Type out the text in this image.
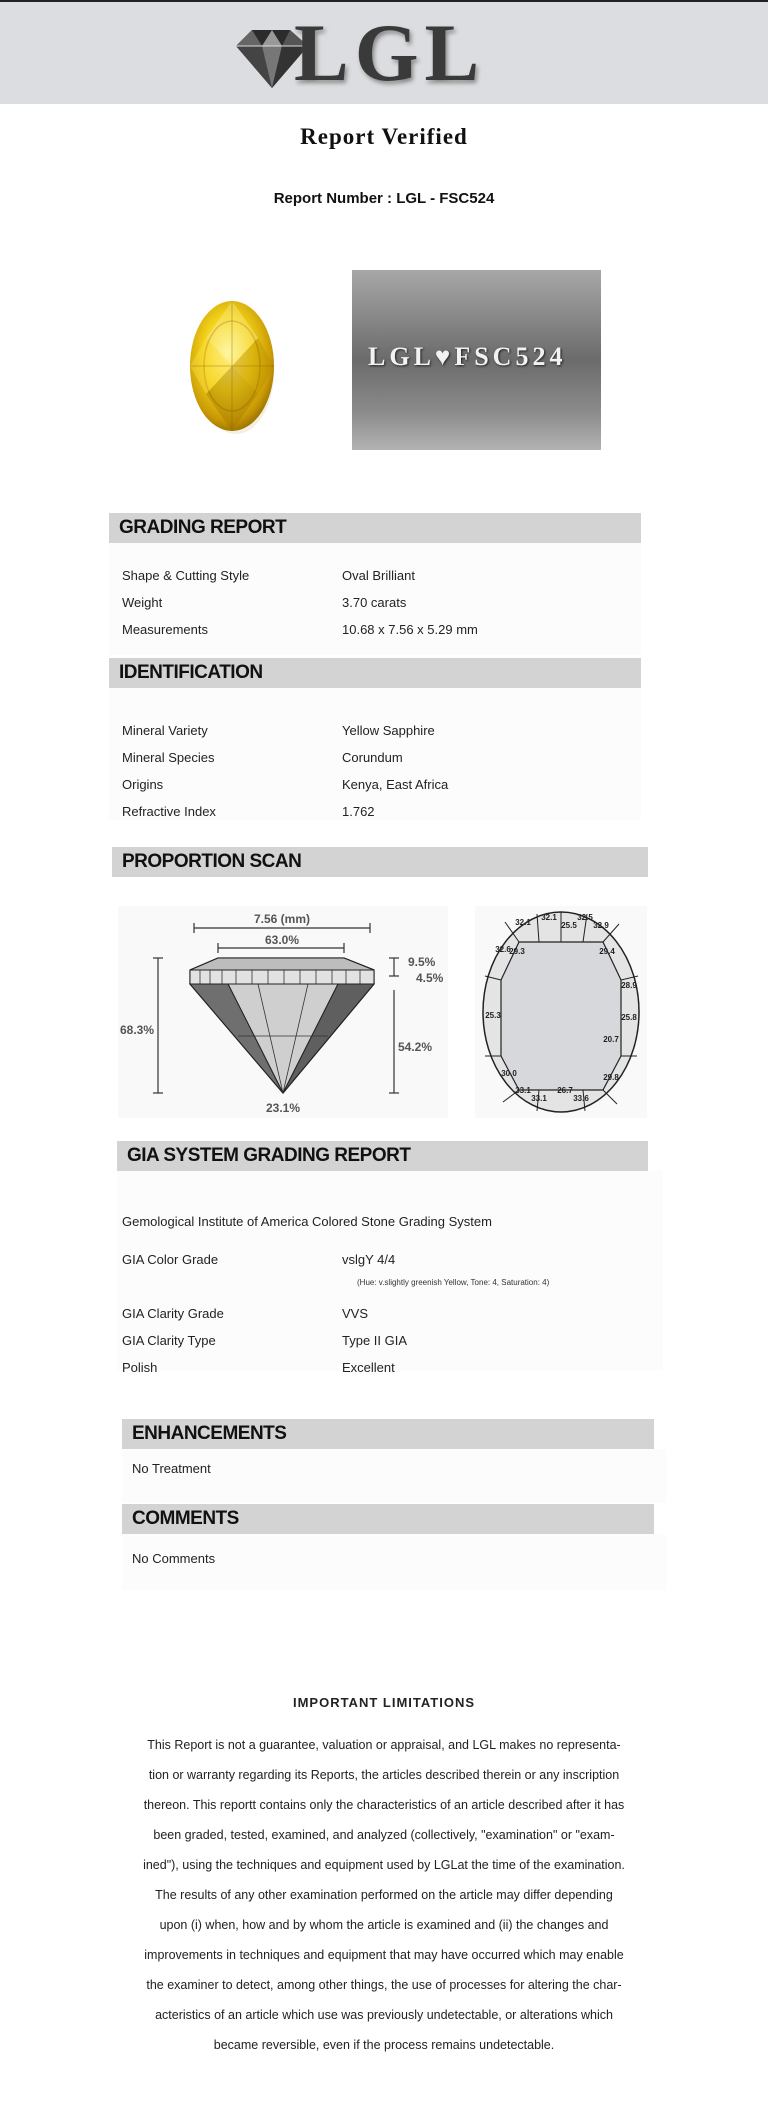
LGL
Report Verified
Report Number : LGL - FSC524
LGL♥FSC524
GRADING REPORT
Shape & Cutting Style	Oval Brilliant
Weight	3.70 carats
Measurements	10.68 x 7.56 x 5.29 mm
IDENTIFICATION
Mineral Variety	Yellow Sapphire
Mineral Species	Corundum
Origins	Kenya, East Africa
Refractive Index	1.762
PROPORTION SCAN
7.56 (mm)
63.0%
68.3%
9.5%
4.5%
54.2%
23.1%
32.1
32.1
25.5
32.5
32.9
32.6
29.3	29.4
28.9
25.3	25.8
20.7
30.0	29.8
33.1	26.7
33.1	33.6
GIA SYSTEM GRADING REPORT
Gemological Institute of America Colored Stone Grading System
GIA Color Grade	vslgY 4/4
(Hue: v.slightly greenish Yellow, Tone: 4, Saturation: 4)
GIA Clarity Grade	VVS
GIA Clarity Type	Type II GIA
Polish	Excellent
ENHANCEMENTS
No Treatment
COMMENTS
No Comments
IMPORTANT LIMITATIONS
This Report is not a guarantee, valuation or appraisal, and LGL makes no representa-
tion or warranty regarding its Reports, the articles described therein or any inscription
thereon. This reportt contains only the characteristics of an article described after it has
been graded, tested, examined, and analyzed (collectively, "examination" or "exam-
ined"), using the techniques and equipment used by LGLat the time of the examination.
The results of any other examination performed on the article may differ depending
upon (i) when, how and by whom the article is examined and (ii) the changes and
improvements in techniques and equipment that may have occurred which may enable
the examiner to detect, among other things, the use of processes for altering the char-
acteristics of an article which use was previously undetectable, or alterations which
became reversible, even if the process remains undetectable.
